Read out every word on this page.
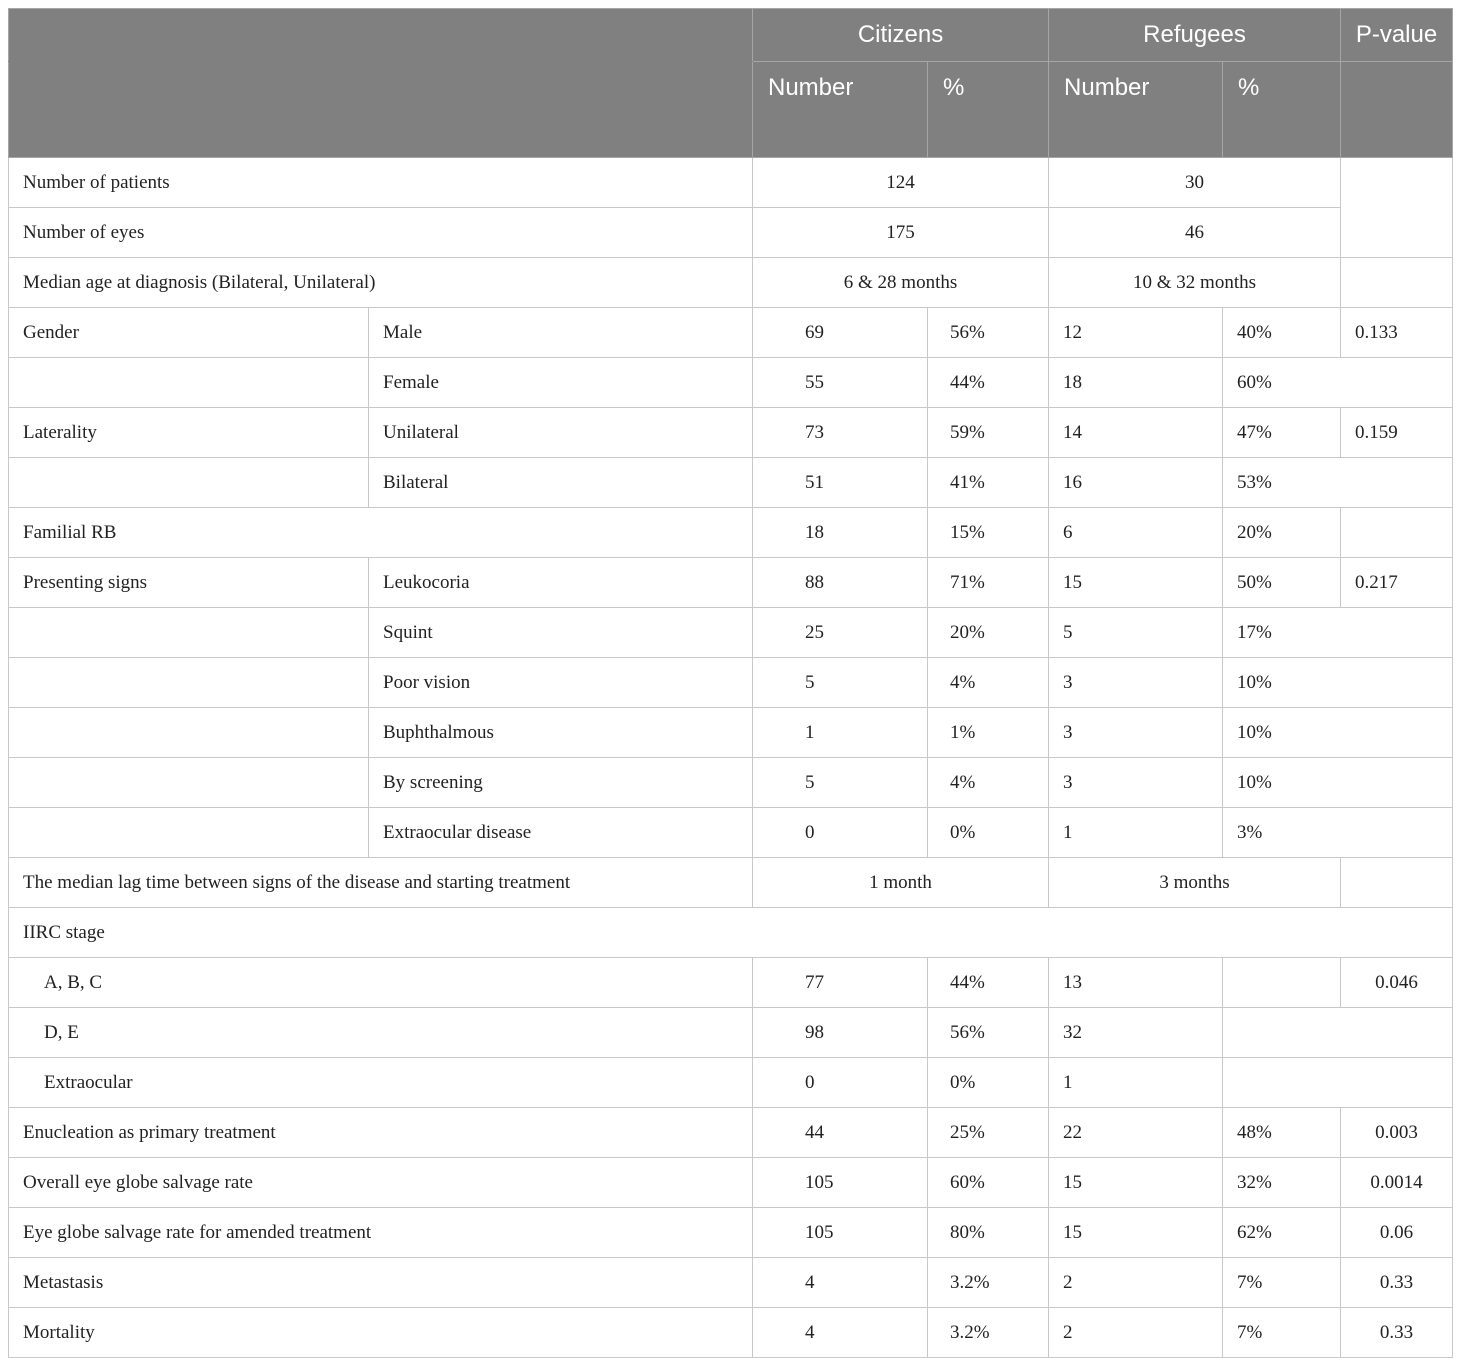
		Citizens		Refugees		P-value
		Number	%	Number	%	
Number of patients		124		30		
Number of eyes		175		46		
Median age at diagnosis (Bilateral, Unilateral)		6 & 28 months		10 & 32 months		
Gender	Male	69	56%	12	40%	0.133
	Female	55	44%	18	60%	
Laterality	Unilateral	73	59%	14	47%	0.159
	Bilateral	51	41%	16	53%	
Familial RB		18	15%	6	20%	
Presenting signs	Leukocoria	88	71%	15	50%	0.217
	Squint	25	20%	5	17%	
	Poor vision	5	4%	3	10%	
	Buphthalmous	1	1%	3	10%	
	By screening	5	4%	3	10%	
	Extraocular disease	0	0%	1	3%	
The median lag time between signs of the disease and starting treatment		1 month		3 months		
IIRC stage						
A, B, C		77	44%	13		0.046
D, E		98	56%	32		
Extraocular		0	0%	1		
Enucleation as primary treatment		44	25%	22	48%	0.003
Overall eye globe salvage rate		105	60%	15	32%	0.0014
Eye globe salvage rate for amended treatment		105	80%	15	62%	0.06
Metastasis		4	3.2%	2	7%	0.33
Mortality		4	3.2%	2	7%	0.33
